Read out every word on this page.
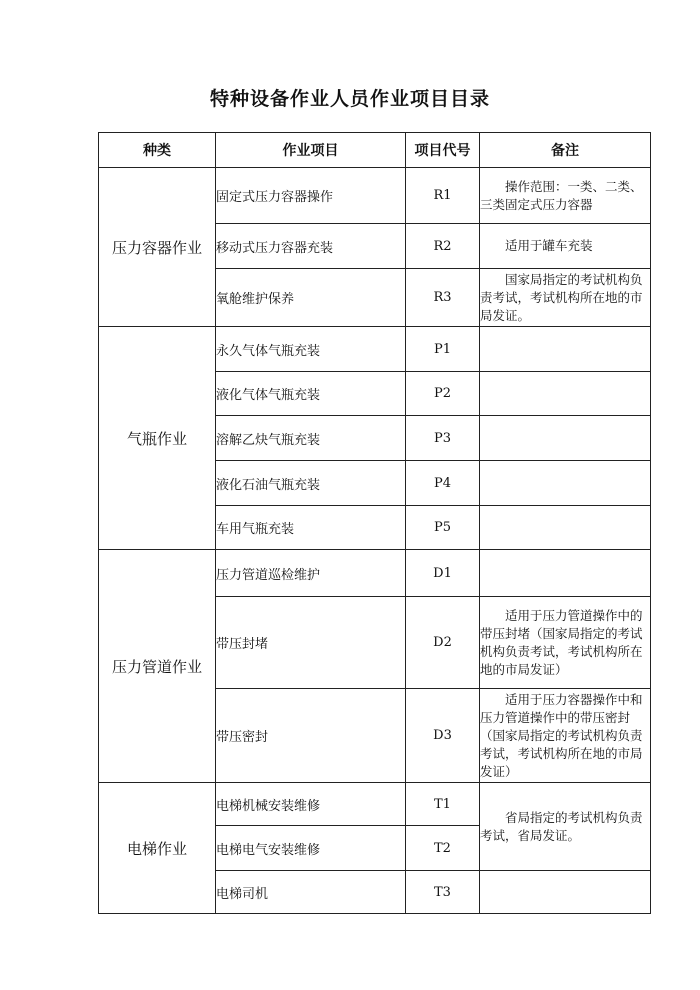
特种设备作业人员作业项目目录
种类	作业项目	项目代号	备注
压力容器作业	固定式压力容器操作	R1	操作范围：一类、二类、三类固定式压力容器

	移动式压力容器充装	R2	适用于罐车充装

	氧舱维护保养	R3	国家局指定的考试机构负责考试，考试机构所在地的市局发证。

气瓶作业	永久气体气瓶充装	P1	
	液化气体气瓶充装	P2	
	溶解乙炔气瓶充装	P3	
	液化石油气瓶充装	P4	
	车用气瓶充装	P5	
压力管道作业	压力管道巡检维护	D1	
	带压封堵	D2	适用于压力管道操作中的带压封堵（国家局指定的考试机构负责考试，考试机构所在地的市局发证）

	带压密封	D3	适用于压力容器操作中和压力管道操作中的带压密封（国家局指定的考试机构负责考试，考试机构所在地的市局发证）

电梯作业	电梯机械安装维修	T1	省局指定的考试机构负责考试，省局发证。

	电梯电气安装维修	T2	
	电梯司机	T3	
